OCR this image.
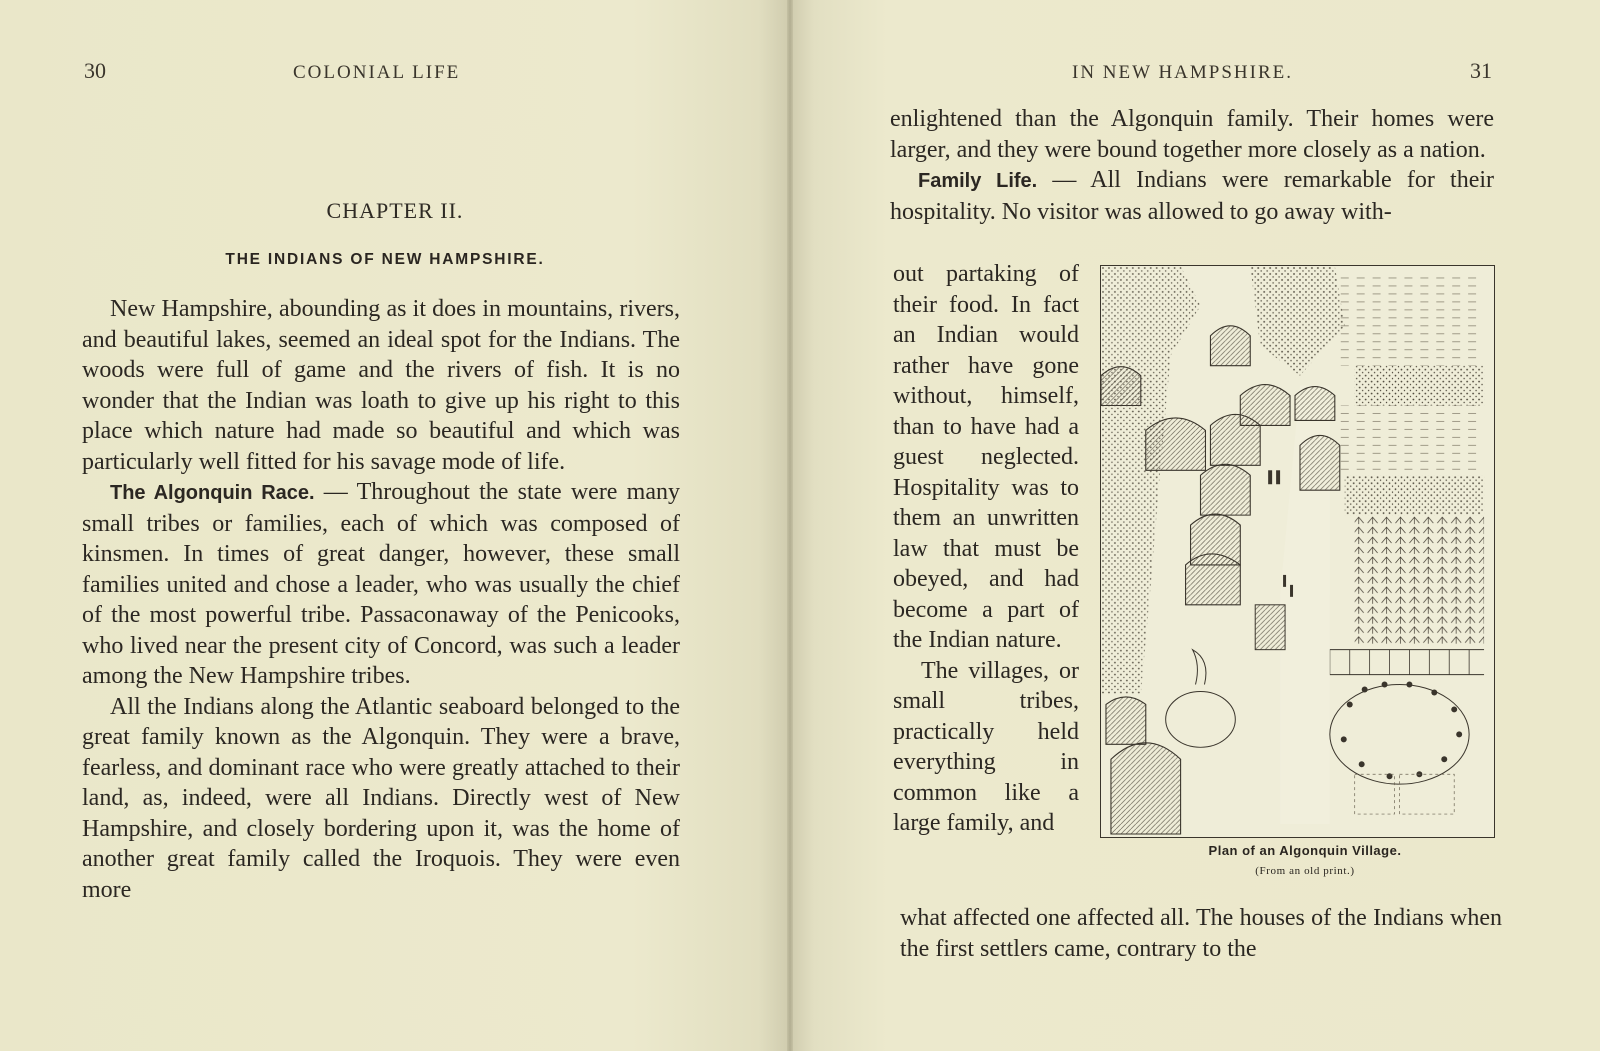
30	COLONIAL LIFE
CHAPTER II.
THE INDIANS OF NEW HAMPSHIRE.

New Hampshire, abounding as it does in mountains, rivers, and beautiful lakes, seemed an ideal spot for the Indians. The woods were full of game and the rivers of fish. It is no wonder that the Indian was loath to give up his right to this place which nature had made so beautiful and which was particularly well fitted for his savage mode of life.

The Algonquin Race. — Throughout the state were many small tribes or families, each of which was composed of kinsmen. In times of great danger, however, these small families united and chose a leader, who was usually the chief of the most powerful tribe. Passaconaway of the Penicooks, who lived near the present city of Concord, was such a leader among the New Hampshire tribes.

All the Indians along the Atlantic seaboard belonged to the great family known as the Algonquin. They were a brave, fearless, and dominant race who were greatly attached to their land, as, indeed, were all Indians. Directly west of New Hampshire, and closely bordering upon it, was the home of another great family called the Iroquois. They were even more

IN NEW HAMPSHIRE.	31

enlightened than the Algonquin family. Their homes were larger, and they were bound together more closely as a nation.

Family Life. — All Indians were remarkable for their hospitality. No visitor was allowed to go away with-

out partaking of their food. In fact an Indian would rather have gone without, himself, than to have had a guest neglected. Hospitality was to them an unwritten law that must be obeyed, and had become a part of the Indian nature.

The villages, or small tribes, practically held everything in common like a large family, and

what affected one affected all. The houses of the Indians when the first settlers came, contrary to the

Plan of an Algonquin Village.
(From an old print.)
